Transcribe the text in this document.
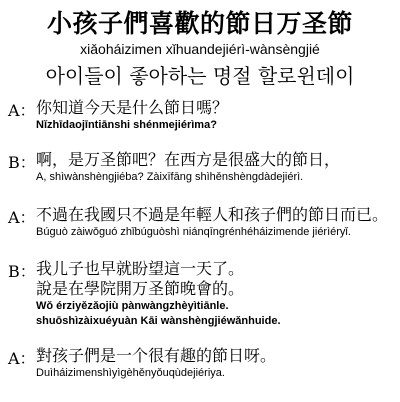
小孩子們喜歡的節日万圣節
xiǎoháizimen xǐhuandejiérì-wànsèngjié
아이들이 좋아하는 명절 할로윈데이
A： 你知道今天是什么節日嗎？
Nǐzhīdaojīntiānshi shénmejiérìma?
B： 啊，是万圣節吧？在西方是很盛大的節日，
A, shìwànshèngjiéba? Zàixīfāng shìhěnshèngdàdejiérì.
A： 不過在我國只不過是年輕人和孩子們的節日而已。
Búguò zàiwǒguó zhǐbúguòshì niánqīngrénhéháizimende jiérìéryǐ.
B： 我儿子也早就盼望這一天了。
說是在學院開万圣節晚會的。
Wǒ érziyězǎojiù pànwàngzhèyìtiānle.
shuōshìzàixuéyuàn Kāi wànshèngjiéwǎnhuide.
A： 對孩子們是一个很有趣的節日呀。
Duìháizimenshìyìgèhěnyǒuqùdejiériya.
